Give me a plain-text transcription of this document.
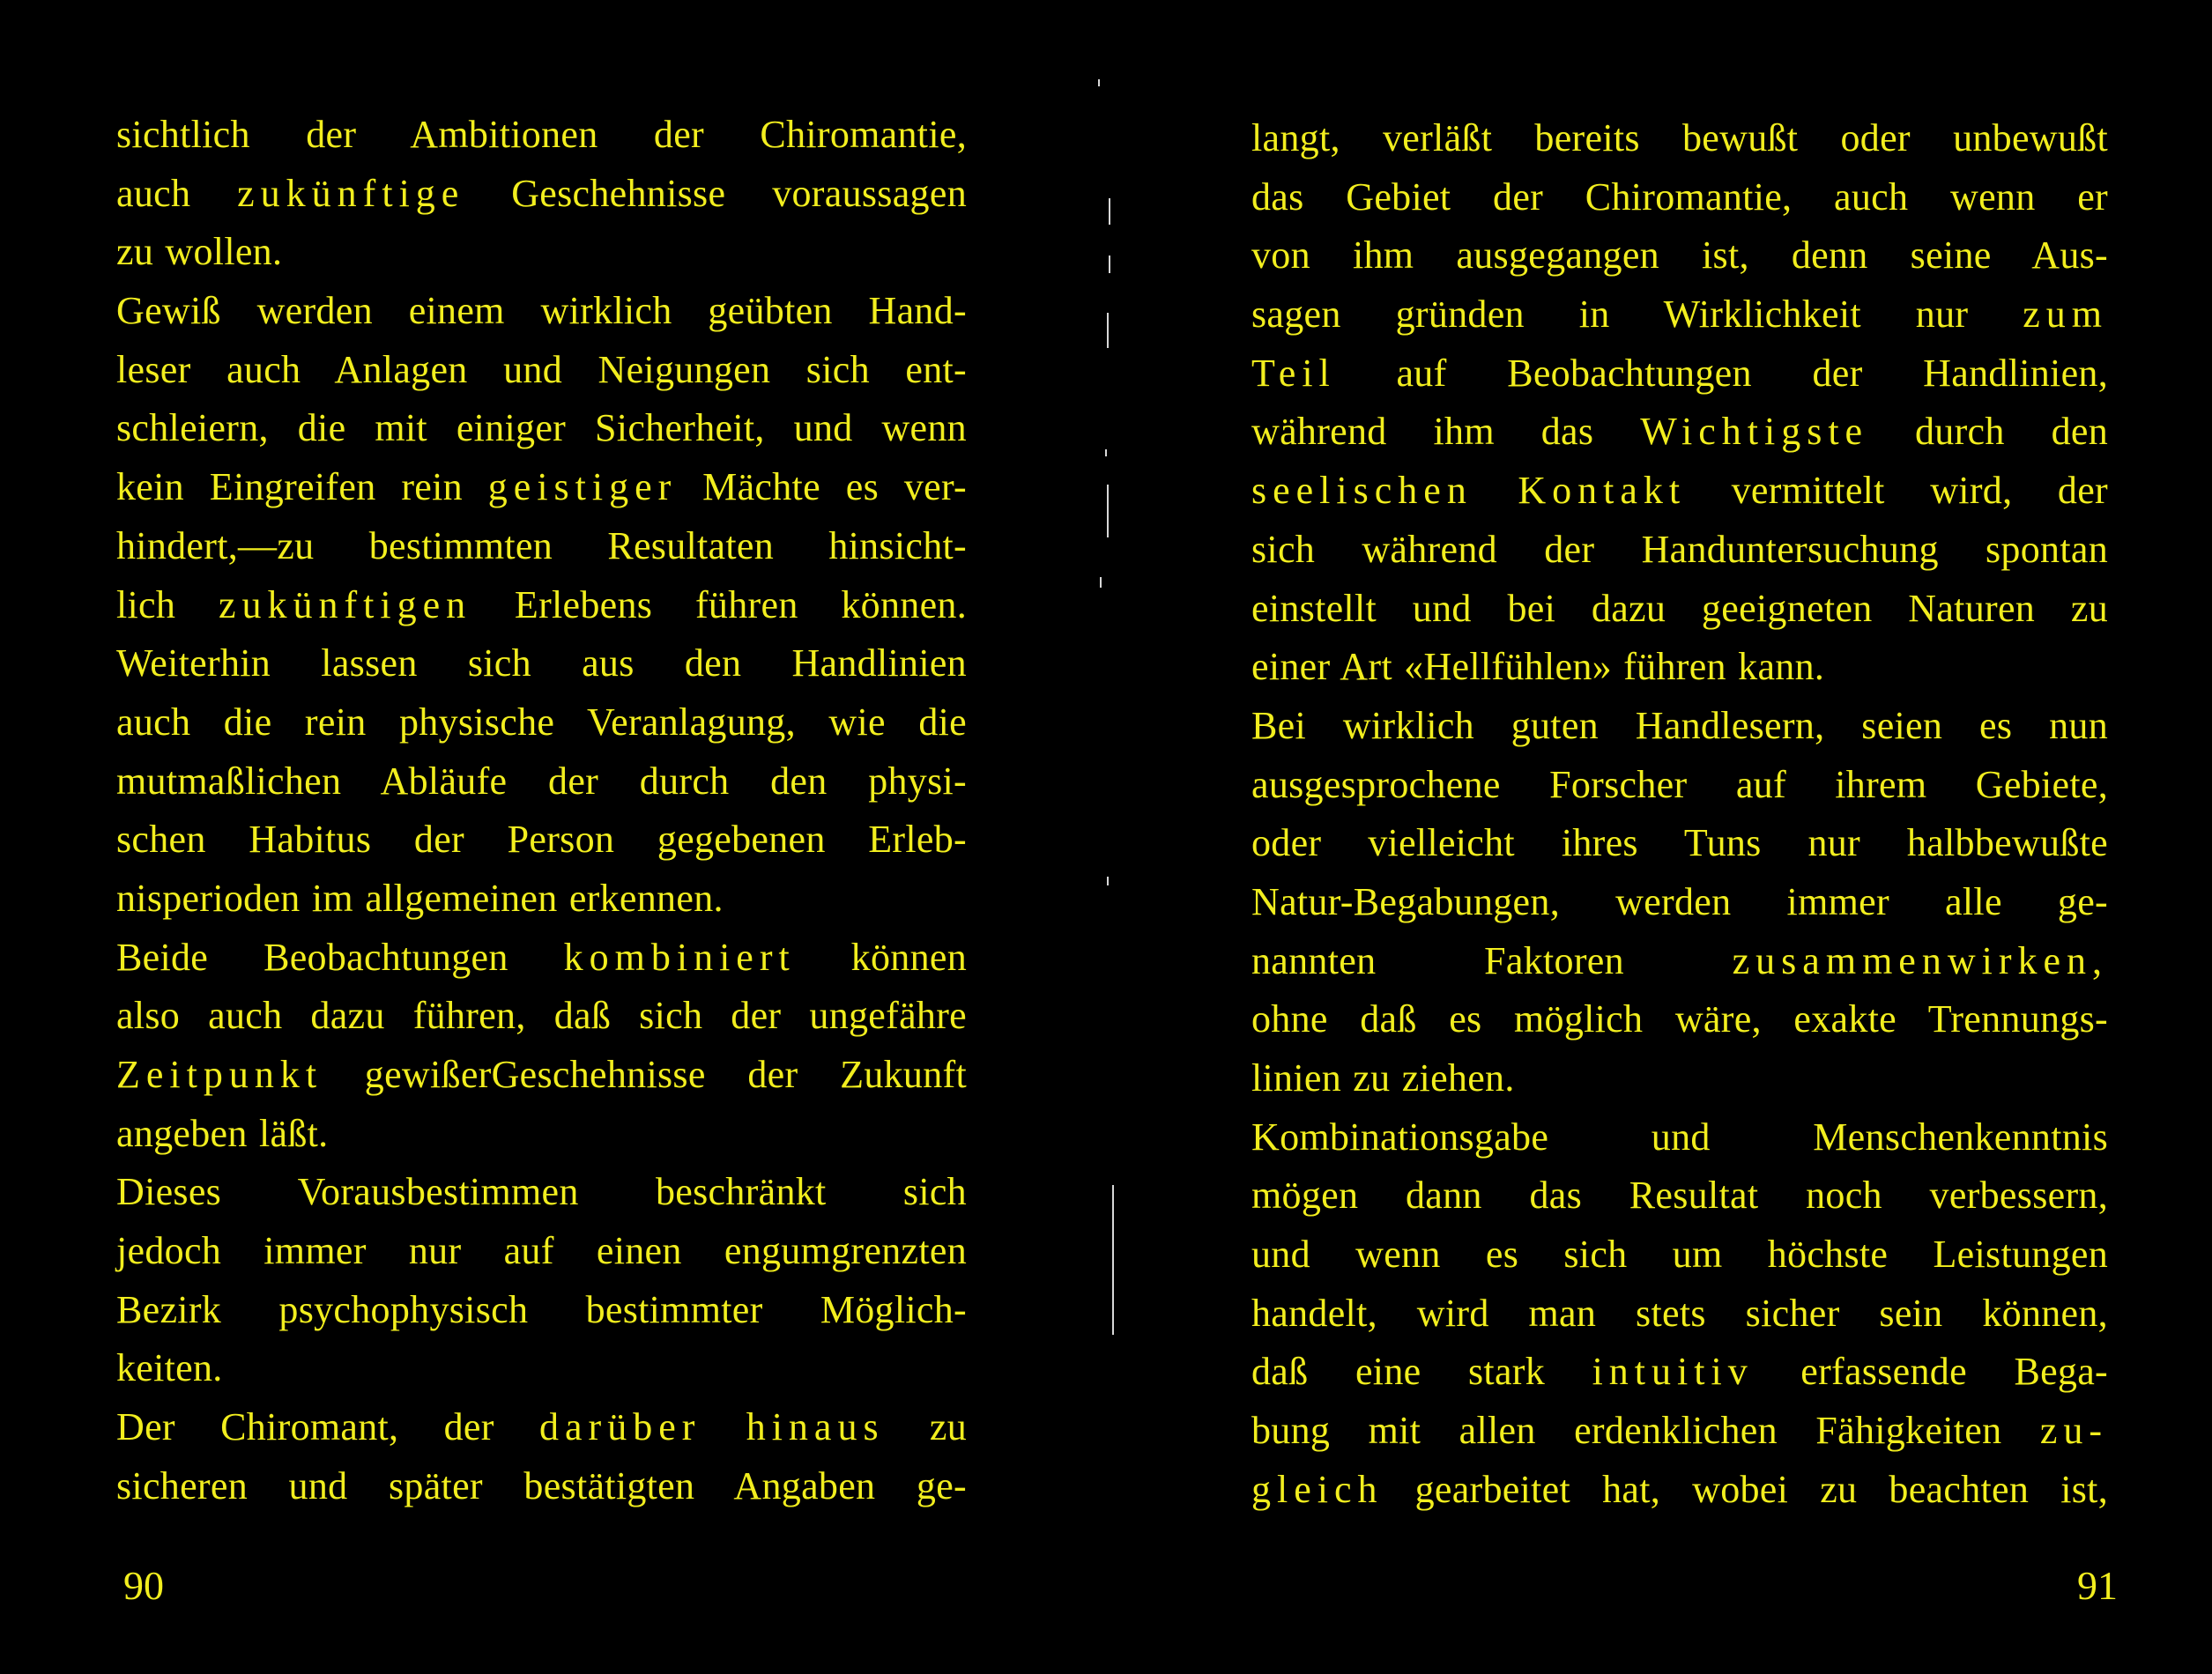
sichtlich der Ambitionen der Chiromantie,
auch zukünftige Geschehnisse voraussagen
zu wollen.
Gewiß werden einem wirklich geübten Hand-
leser auch Anlagen und Neigungen sich ent-
schleiern, die mit einiger Sicherheit, und wenn
kein Eingreifen rein geistiger Mächte es ver-
hindert,—zu bestimmten Resultaten hinsicht-
lich zukünftigen Erlebens führen können.
Weiterhin lassen sich aus den Handlinien
auch die rein physische Veranlagung, wie die
mutmaßlichen Abläufe der durch den physi-
schen Habitus der Person gegebenen Erleb-
nisperioden im allgemeinen erkennen.
Beide Beobachtungen kombiniert können
also auch dazu führen, daß sich der ungefähre
Zeitpunkt gewißerGeschehnisse der Zukunft
angeben läßt.
Dieses Vorausbestimmen beschränkt sich
jedoch immer nur auf einen engumgrenzten
Bezirk psychophysisch bestimmter Möglich-
keiten.
Der Chiromant, der darüber hinaus zu
sicheren und später bestätigten Angaben ge-
90
langt, verläßt bereits bewußt oder unbewußt
das Gebiet der Chiromantie, auch wenn er
von ihm ausgegangen ist, denn seine Aus-
sagen gründen in Wirklichkeit nur zum
Teil auf Beobachtungen der Handlinien,
während ihm das Wichtigste durch den
seelischen Kontakt vermittelt wird, der
sich während der Handuntersuchung spontan
einstellt und bei dazu geeigneten Naturen zu
einer Art «Hellfühlen» führen kann.
Bei wirklich guten Handlesern, seien es nun
ausgesprochene Forscher auf ihrem Gebiete,
oder vielleicht ihres Tuns nur halbbewußte
Natur-Begabungen, werden immer alle ge-
nannten Faktoren zusammenwirken,
ohne daß es möglich wäre, exakte Trennungs-
linien zu ziehen.
Kombinationsgabe und Menschenkenntnis
mögen dann das Resultat noch verbessern,
und wenn es sich um höchste Leistungen
handelt, wird man stets sicher sein können,
daß eine stark intuitiv erfassende Bega-
bung mit allen erdenklichen Fähigkeiten zu-
gleich gearbeitet hat, wobei zu beachten ist,
91
